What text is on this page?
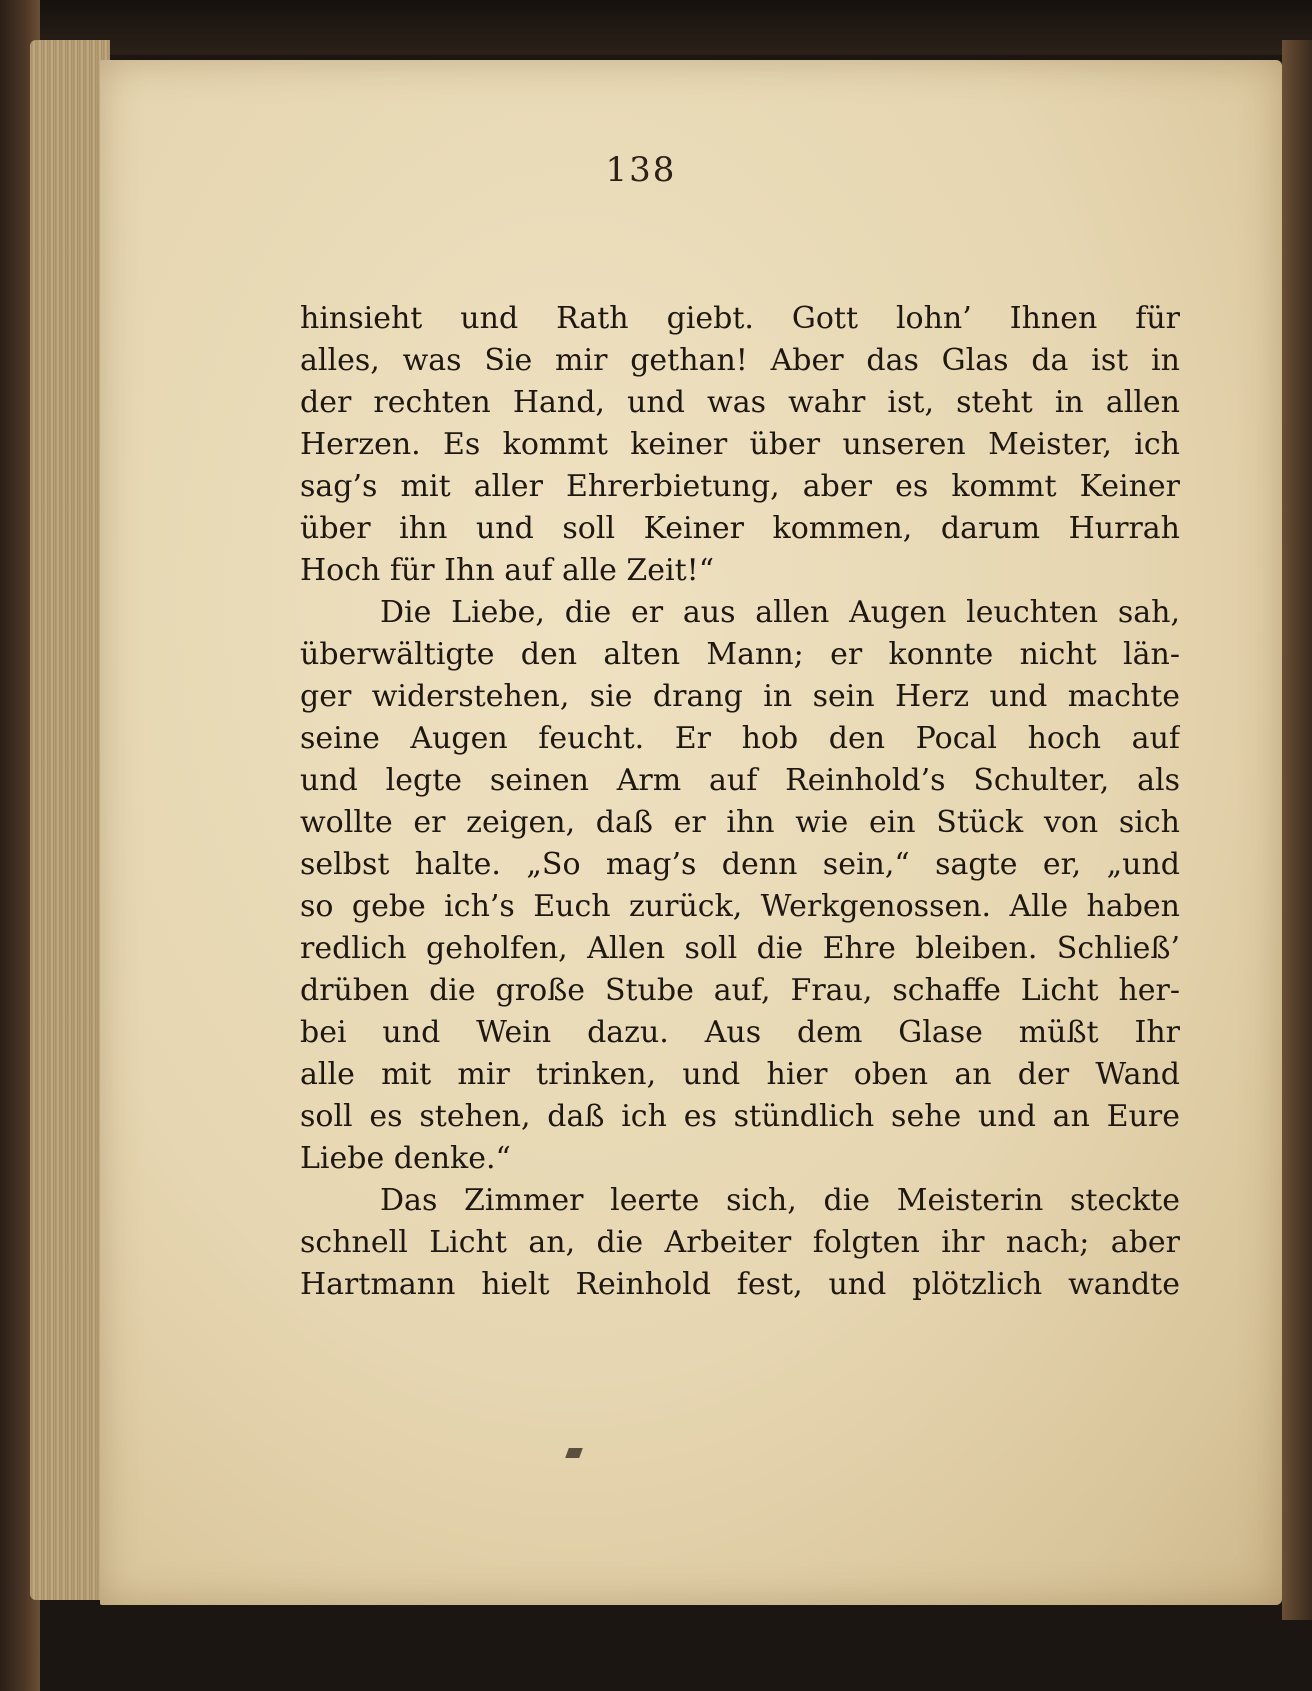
138
hinsieht und Rath giebt. Gott lohn’ Ihnen für
alles, was Sie mir gethan! Aber das Glas da ist in
der rechten Hand, und was wahr ist, steht in allen
Herzen. Es kommt keiner über unseren Meister, ich
sag’s mit aller Ehrerbietung, aber es kommt Keiner
über ihn und soll Keiner kommen, darum Hurrah
Hoch für Ihn auf alle Zeit!“
Die Liebe, die er aus allen Augen leuchten sah,
überwältigte den alten Mann; er konnte nicht län-
ger widerstehen, sie drang in sein Herz und machte
seine Augen feucht. Er hob den Pocal hoch auf
und legte seinen Arm auf Reinhold’s Schulter, als
wollte er zeigen, daß er ihn wie ein Stück von sich
selbst halte. „So mag’s denn sein,“ sagte er, „und
so gebe ich’s Euch zurück, Werkgenossen. Alle haben
redlich geholfen, Allen soll die Ehre bleiben. Schließ’
drüben die große Stube auf, Frau, schaffe Licht her-
bei und Wein dazu. Aus dem Glase müßt Ihr
alle mit mir trinken, und hier oben an der Wand
soll es stehen, daß ich es stündlich sehe und an Eure
Liebe denke.“
Das Zimmer leerte sich, die Meisterin steckte
schnell Licht an, die Arbeiter folgten ihr nach; aber
Hartmann hielt Reinhold fest, und plötzlich wandte
